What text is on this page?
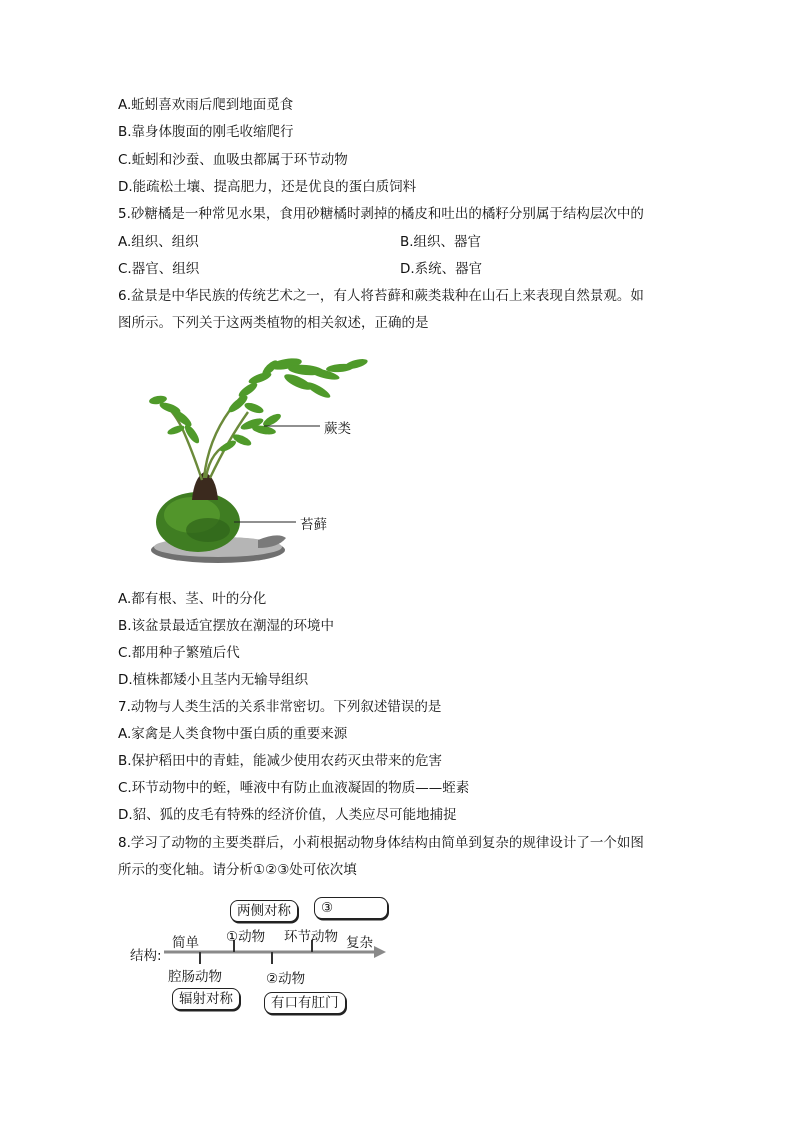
A.蚯蚓喜欢雨后爬到地面觅食
B.靠身体腹面的刚毛收缩爬行
C.蚯蚓和沙蚕、血吸虫都属于环节动物
D.能疏松土壤、提高肥力，还是优良的蛋白质饲料
5.砂糖橘是一种常见水果，食用砂糖橘时剥掉的橘皮和吐出的橘籽分别属于结构层次中的
A.组织、组织	B.组织、器官
C.器官、组织	D.系统、器官
6.盆景是中华民族的传统艺术之一，有人将苔藓和蕨类栽种在山石上来表现自然景观。如
图所示。下列关于这两类植物的相关叙述，正确的是
蕨类
苔藓
A.都有根、茎、叶的分化
B.该盆景最适宜摆放在潮湿的环境中
C.都用种子繁殖后代
D.植株都矮小且茎内无输导组织
7.动物与人类生活的关系非常密切。下列叙述错误的是
A.家禽是人类食物中蛋白质的重要来源
B.保护稻田中的青蛙，能减少使用农药灭虫带来的危害
C.环节动物中的蛭，唾液中有防止血液凝固的物质——蛭素
D.貂、狐的皮毛有特殊的经济价值，人类应尽可能地捕捉
8.学习了动物的主要类群后，小莉根据动物身体结构由简单到复杂的规律设计了一个如图
所示的变化轴。请分析①②③处可依次填
结构:
简单 ①动物 环节动物 复杂
腔肠动物	②动物
两侧对称	③
辐射对称	有口有肛门
